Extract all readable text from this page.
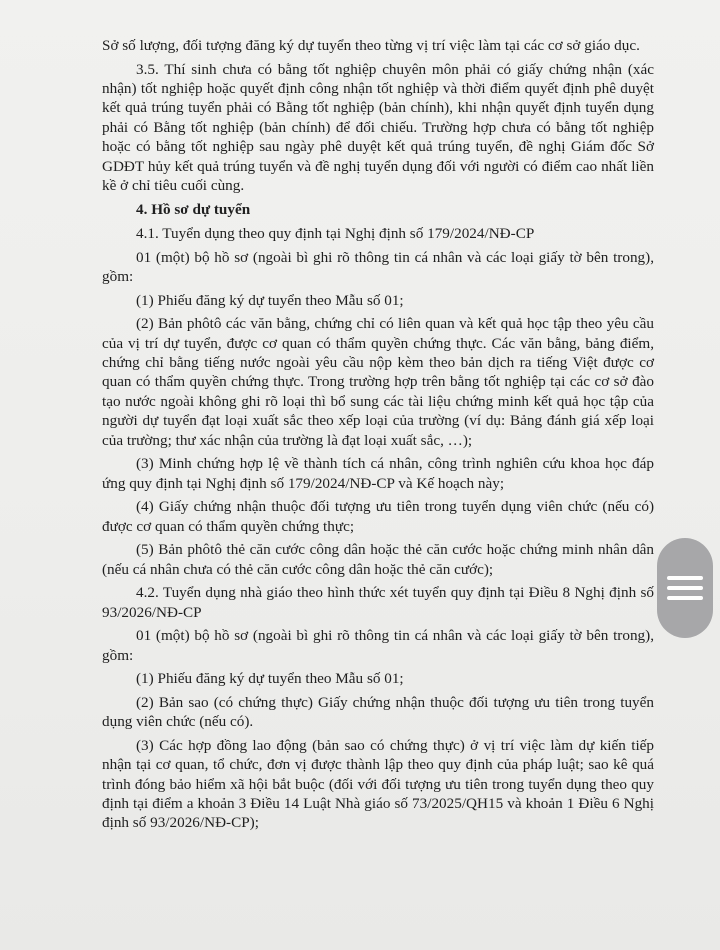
Sở số lượng, đối tượng đăng ký dự tuyển theo từng vị trí việc làm tại các cơ sở giáo dục.

3.5. Thí sinh chưa có bằng tốt nghiệp chuyên môn phải có giấy chứng nhận (xác nhận) tốt nghiệp hoặc quyết định công nhận tốt nghiệp và thời điểm quyết định phê duyệt kết quả trúng tuyển phải có Bằng tốt nghiệp (bản chính), khi nhận quyết định tuyển dụng phải có Bằng tốt nghiệp (bản chính) để đối chiếu. Trường hợp chưa có bằng tốt nghiệp hoặc có bằng tốt nghiệp sau ngày phê duyệt kết quả trúng tuyển, đề nghị Giám đốc Sở GDĐT hủy kết quả trúng tuyển và đề nghị tuyển dụng đối với người có điểm cao nhất liền kề ở chỉ tiêu cuối cùng.

4. Hồ sơ dự tuyển

4.1. Tuyển dụng theo quy định tại Nghị định số 179/2024/NĐ-CP

01 (một) bộ hồ sơ (ngoài bì ghi rõ thông tin cá nhân và các loại giấy tờ bên trong), gồm:

(1) Phiếu đăng ký dự tuyển theo Mẫu số 01;

(2) Bản phôtô các văn bằng, chứng chỉ có liên quan và kết quả học tập theo yêu cầu của vị trí dự tuyển, được cơ quan có thẩm quyền chứng thực. Các văn bằng, bảng điểm, chứng chỉ bằng tiếng nước ngoài yêu cầu nộp kèm theo bản dịch ra tiếng Việt được cơ quan có thẩm quyền chứng thực. Trong trường hợp trên bằng tốt nghiệp tại các cơ sở đào tạo nước ngoài không ghi rõ loại thì bổ sung các tài liệu chứng minh kết quả học tập của người dự tuyển đạt loại xuất sắc theo xếp loại của trường (ví dụ: Bảng đánh giá xếp loại của trường; thư xác nhận của trường là đạt loại xuất sắc, …);

(3) Minh chứng hợp lệ về thành tích cá nhân, công trình nghiên cứu khoa học đáp ứng quy định tại Nghị định số 179/2024/NĐ-CP và Kế hoạch này;

(4) Giấy chứng nhận thuộc đối tượng ưu tiên trong tuyển dụng viên chức (nếu có) được cơ quan có thẩm quyền chứng thực;

(5) Bản phôtô thẻ căn cước công dân hoặc thẻ căn cước hoặc chứng minh nhân dân (nếu cá nhân chưa có thẻ căn cước công dân hoặc thẻ căn cước);

4.2. Tuyển dụng nhà giáo theo hình thức xét tuyển quy định tại Điều 8 Nghị định số 93/2026/NĐ-CP

01 (một) bộ hồ sơ (ngoài bì ghi rõ thông tin cá nhân và các loại giấy tờ bên trong), gồm:

(1) Phiếu đăng ký dự tuyển theo Mẫu số 01;

(2) Bản sao (có chứng thực) Giấy chứng nhận thuộc đối tượng ưu tiên trong tuyển dụng viên chức (nếu có).

(3) Các hợp đồng lao động (bản sao có chứng thực) ở vị trí việc làm dự kiến tiếp nhận tại cơ quan, tổ chức, đơn vị được thành lập theo quy định của pháp luật; sao kê quá trình đóng bảo hiểm xã hội bắt buộc (đối với đối tượng ưu tiên trong tuyển dụng theo quy định tại điểm a khoản 3 Điều 14 Luật Nhà giáo số 73/2025/QH15 và khoản 1 Điều 6 Nghị định số 93/2026/NĐ-CP);
